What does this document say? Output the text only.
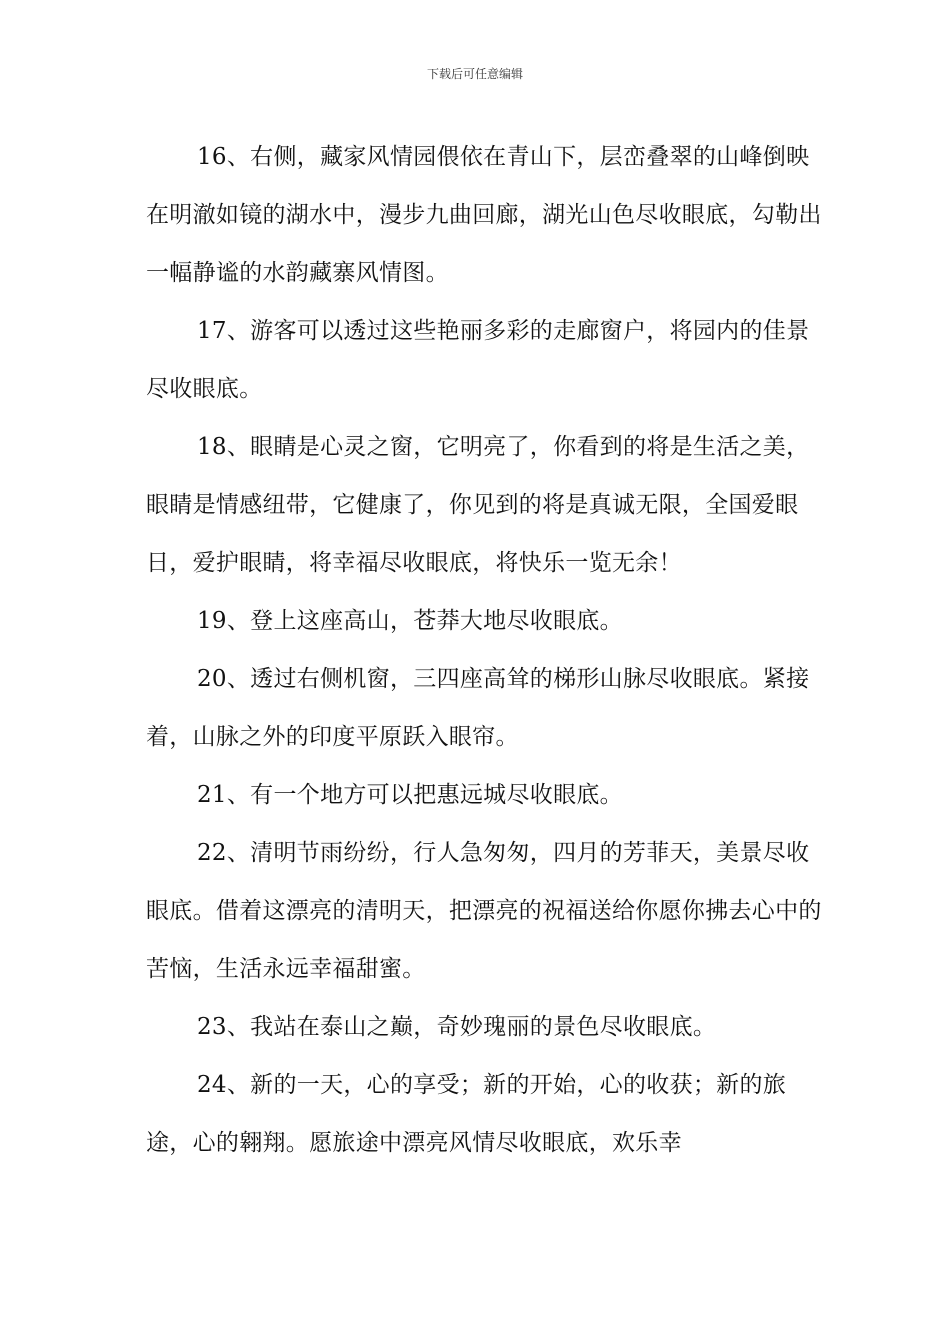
下载后可任意编辑

16、右侧，藏家风情园偎依在青山下，层峦叠翠的山峰倒映在明澈如镜的湖水中，漫步九曲回廊，湖光山色尽收眼底，勾勒出一幅静谧的水韵藏寨风情图。

17、游客可以透过这些艳丽多彩的走廊窗户，将园内的佳景尽收眼底。

18、眼睛是心灵之窗，它明亮了，你看到的将是生活之美，眼睛是情感纽带，它健康了，你见到的将是真诚无限，全国爱眼日，爱护眼睛，将幸福尽收眼底，将快乐一览无余！

19、登上这座高山，苍莽大地尽收眼底。

20、透过右侧机窗，三四座高耸的梯形山脉尽收眼底。紧接着，山脉之外的印度平原跃入眼帘。

21、有一个地方可以把惠远城尽收眼底。

22、清明节雨纷纷，行人急匆匆，四月的芳菲天，美景尽收眼底。借着这漂亮的清明天，把漂亮的祝福送给你愿你拂去心中的苦恼，生活永远幸福甜蜜。

23、我站在泰山之巅，奇妙瑰丽的景色尽收眼底。

24、新的一天，心的享受；新的开始，心的收获；新的旅途，心的翱翔。愿旅途中漂亮风情尽收眼底，欢乐幸
